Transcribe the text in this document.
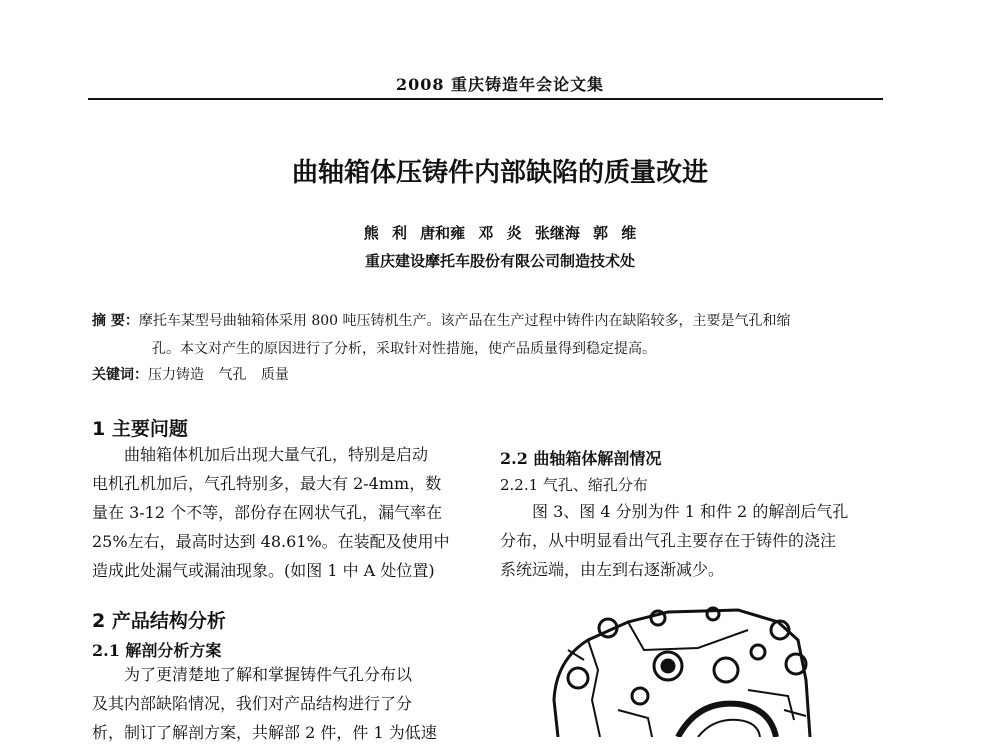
2008 重庆铸造年会论文集
曲轴箱体压铸件内部缺陷的质量改进
熊 利 唐和雍 邓 炎 张继海 郭 维
重庆建设摩托车股份有限公司制造技术处
摘 要：摩托车某型号曲轴箱体采用 800 吨压铸机生产。该产品在生产过程中铸件内在缺陷较多，主要是气孔和缩
孔。本文对产生的原因进行了分析，采取针对性措施，使产品质量得到稳定提高。
关键词：压力铸造 气孔 质量
1 主要问题

曲轴箱体机加后出现大量气孔，特别是启动

电机孔机加后，气孔特别多，最大有 2-4mm，数

量在 3-12 个不等，部份存在网状气孔，漏气率在

25%左右，最高时达到 48.61%。在装配及使用中

造成此处漏气或漏油现象。(如图 1 中 A 处位置)

2 产品结构分析
2.1 解剖分析方案

为了更清楚地了解和掌握铸件气孔分布以

及其内部缺陷情况，我们对产品结构进行了分

析，制订了解剖方案，共解部 2 件，件 1 为低速

2.2 曲轴箱体解剖情况
2.2.1 气孔、缩孔分布

图 3、图 4 分别为件 1 和件 2 的解剖后气孔

分布，从中明显看出气孔主要存在于铸件的浇注

系统远端，由左到右逐渐减少。
